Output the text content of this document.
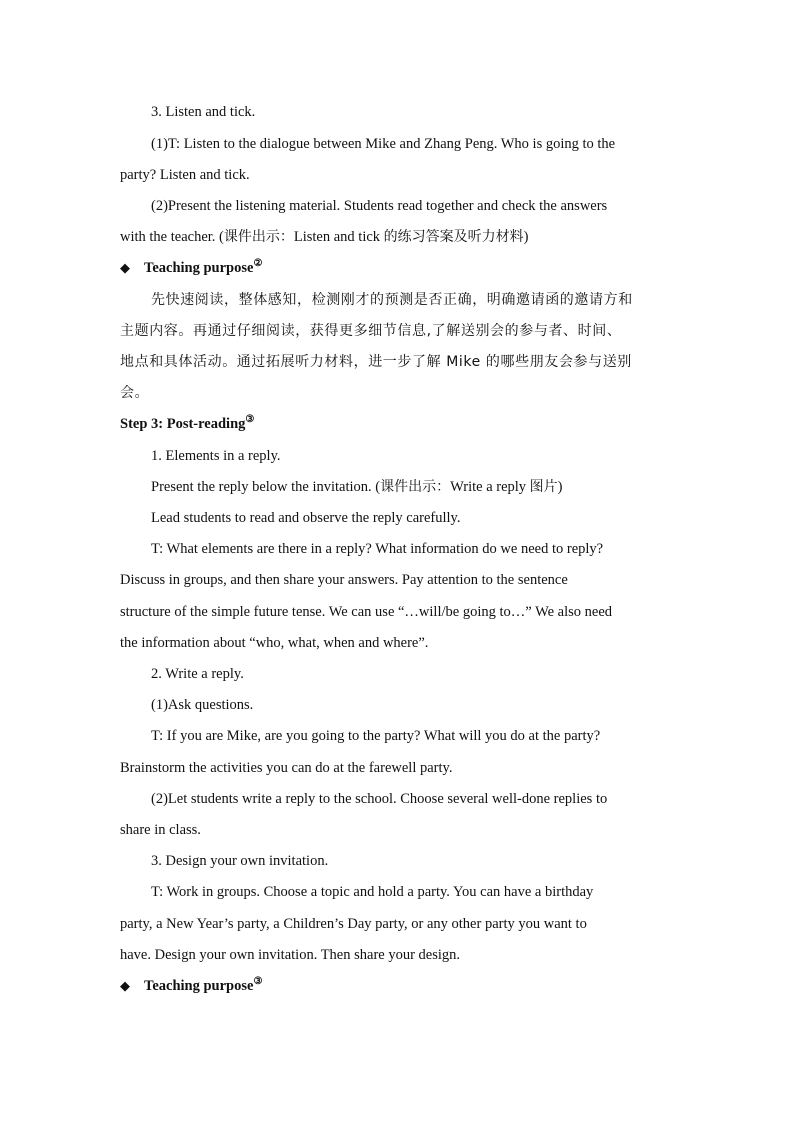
3. Listen and tick.
(1)T: Listen to the dialogue between Mike and Zhang Peng. Who is going to the
party? Listen and tick.
(2)Present the listening material. Students read together and check the answers
with the teacher. (课件出示：Listen and tick 的练习答案及听力材料)
◆ Teaching purpose②
先快速阅读，整体感知，检测刚才的预测是否正确，明确邀请函的邀请方和
主题内容。再通过仔细阅读，获得更多细节信息,了解送别会的参与者、时间、
地点和具体活动。通过拓展听力材料，进一步了解 Mike 的哪些朋友会参与送别
会。
Step 3: Post-reading③
1. Elements in a reply.
Present the reply below the invitation. (课件出示：Write a reply 图片)
Lead students to read and observe the reply carefully.
T: What elements are there in a reply? What information do we need to reply?
Discuss in groups, and then share your answers. Pay attention to the sentence
structure of the simple future tense. We can use “…will/be going to…” We also need
the information about “who, what, when and where”.
2. Write a reply.
(1)Ask questions.
T: If you are Mike, are you going to the party? What will you do at the party?
Brainstorm the activities you can do at the farewell party.
(2)Let students write a reply to the school. Choose several well-done replies to
share in class.
3. Design your own invitation.
T: Work in groups. Choose a topic and hold a party. You can have a birthday
party, a New Year’s party, a Children’s Day party, or any other party you want to
have. Design your own invitation. Then share your design.
◆ Teaching purpose③
